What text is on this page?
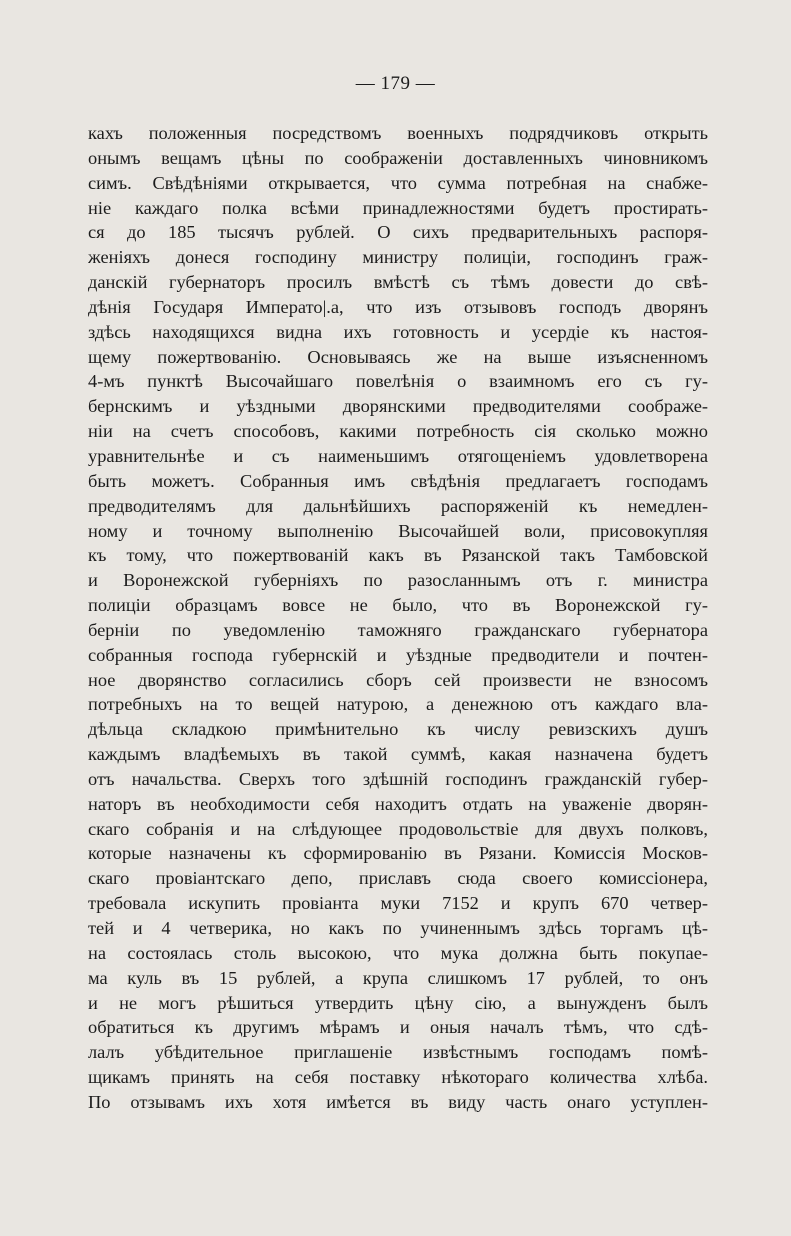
— 179 —
кахъ положенныя посредствомъ военныхъ подрядчиковъ открыть
онымъ вещамъ цѣны по соображеніи доставленныхъ чиновникомъ
симъ. Свѣдѣніями открывается, что сумма потребная на снабже-
ніе каждаго полка всѣми принадлежностями будетъ простирать-
ся до 185 тысячъ рублей. О сихъ предварительныхъ распоря-
женіяхъ донеся господину министру полиціи, господинъ граж-
данскій губернаторъ просилъ вмѣстѣ съ тѣмъ довести до свѣ-
дѣнія Государя Императо|.а, что изъ отзывовъ господъ дворянъ
здѣсь находящихся видна ихъ готовность и усердіе къ настоя-
щему пожертвованію. Основываясь же на выше изъясненномъ
4-мъ пунктѣ Высочайшаго повелѣнія о взаимномъ его съ гу-
бернскимъ и уѣздными дворянскими предводителями соображе-
ніи на счетъ способовъ, какими потребность сія сколько можно
уравнительнѣе и съ наименьшимъ отягощеніемъ удовлетворена
быть можетъ. Собранныя имъ свѣдѣнія предлагаетъ господамъ
предводителямъ для дальнѣйшихъ распоряженій къ немедлен-
ному и точному выполненію Высочайшей воли, присовокупляя
къ тому, что пожертвованій какъ въ Рязанской такъ Тамбовской
и Воронежской губерніяхъ по разосланнымъ отъ г. министра
полиціи образцамъ вовсе не было, что въ Воронежской гу-
берніи по уведомленію таможняго гражданскаго губернатора
собранныя господа губернскій и уѣздные предводители и почтен-
ное дворянство согласились сборъ сей произвести не взносомъ
потребныхъ на то вещей натурою, а денежною отъ каждаго вла-
дѣльца складкою примѣнительно къ числу ревизскихъ душъ
каждымъ владѣемыхъ въ такой суммѣ, какая назначена будетъ
отъ начальства. Сверхъ того здѣшній господинъ гражданскій губер-
наторъ въ необходимости себя находитъ отдать на уваженіе дворян-
скаго собранія и на слѣдующее продовольствіе для двухъ полковъ,
которые назначены къ сформированію въ Рязани. Комиссія Москов-
скаго провіантскаго депо, приславъ сюда своего комиссіонера,
требовала искупить провіанта муки 7152 и крупъ 670 четвер-
тей и 4 четверика, но какъ по учиненнымъ здѣсь торгамъ цѣ-
на состоялась столь высокою, что мука должна быть покупае-
ма куль въ 15 рублей, а крупа слишкомъ 17 рублей, то онъ
и не могъ рѣшиться утвердить цѣну сію, а вынужденъ былъ
обратиться къ другимъ мѣрамъ и оныя началъ тѣмъ, что сдѣ-
лалъ убѣдительное приглашеніе извѣстнымъ господамъ помѣ-
щикамъ принять на себя поставку нѣкотораго количества хлѣба.
По отзывамъ ихъ хотя имѣется въ виду часть онаго уступлен-
